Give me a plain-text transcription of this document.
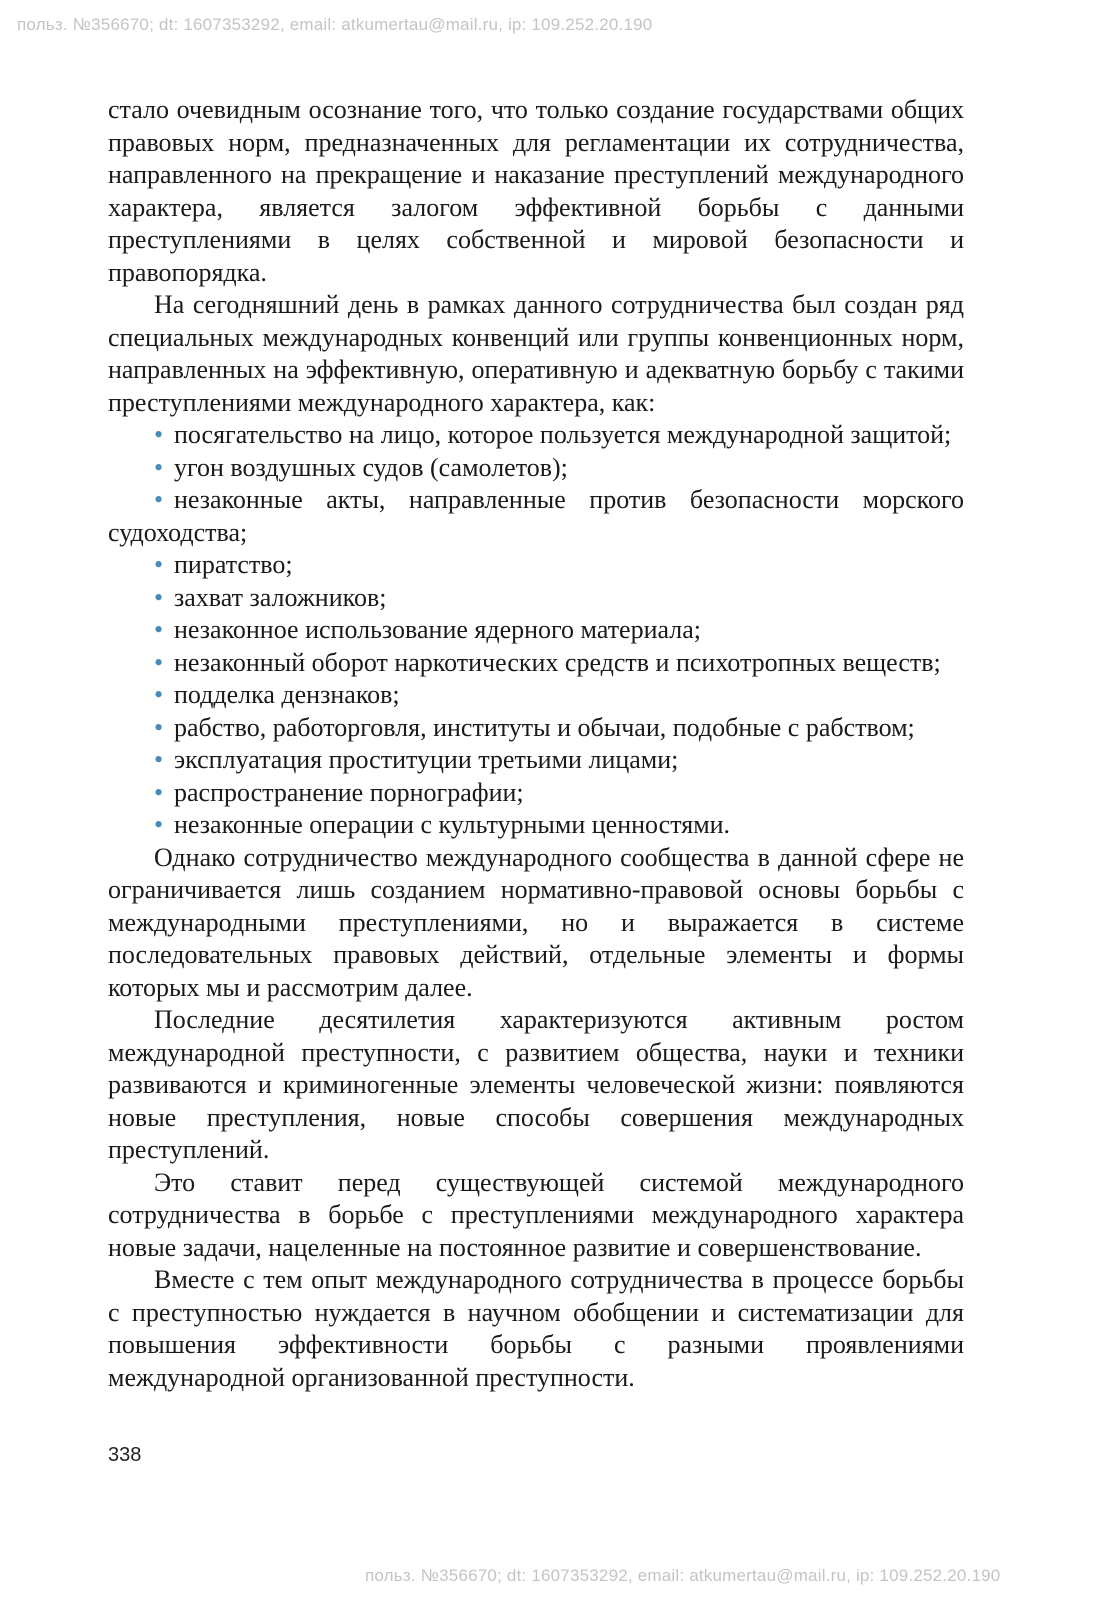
польз. №356670; dt: 1607353292, email: atkumertau@mail.ru, ip: 109.252.20.190

стало очевидным осознание того, что только создание государствами общих правовых норм, предназначенных для регламентации их сотрудничества, направленного на прекращение и наказание преступлений международного характера, является залогом эффективной борьбы с данными преступлениями в целях собственной и мировой безопасности и правопорядка.

На сегодняшний день в рамках данного сотрудничества был создан ряд специальных международных конвенций или группы конвенционных норм, направленных на эффективную, оперативную и адекватную борьбу с такими преступлениями международного характера, как:

• посягательство на лицо, которое пользуется международной защитой;
• угон воздушных судов (самолетов);
• незаконные акты, направленные против безопасности морского судоходства;
• пиратство;
• захват заложников;
• незаконное использование ядерного материала;
• незаконный оборот наркотических средств и психотропных веществ;
• подделка дензнаков;
• рабство, работорговля, институты и обычаи, подобные с рабством;
• эксплуатация проституции третьими лицами;
• распространение порнографии;
• незаконные операции с культурными ценностями.

Однако сотрудничество международного сообщества в данной сфере не ограничивается лишь созданием нормативно-правовой основы борьбы с международными преступлениями, но и выражается в системе последовательных правовых действий, отдельные элементы и формы которых мы и рассмотрим далее.

Последние десятилетия характеризуются активным ростом международной преступности, с развитием общества, науки и техники развиваются и криминогенные элементы человеческой жизни: появляются новые преступления, новые способы совершения международных преступлений.

Это ставит перед существующей системой международного сотрудничества в борьбе с преступлениями международного характера новые задачи, нацеленные на постоянное развитие и совершенствование.

Вместе с тем опыт международного сотрудничества в процессе борьбы с преступностью нуждается в научном обобщении и систематизации для повышения эффективности борьбы с разными проявлениями международной организованной преступности.

338
польз. №356670; dt: 1607353292, email: atkumertau@mail.ru, ip: 109.252.20.190
